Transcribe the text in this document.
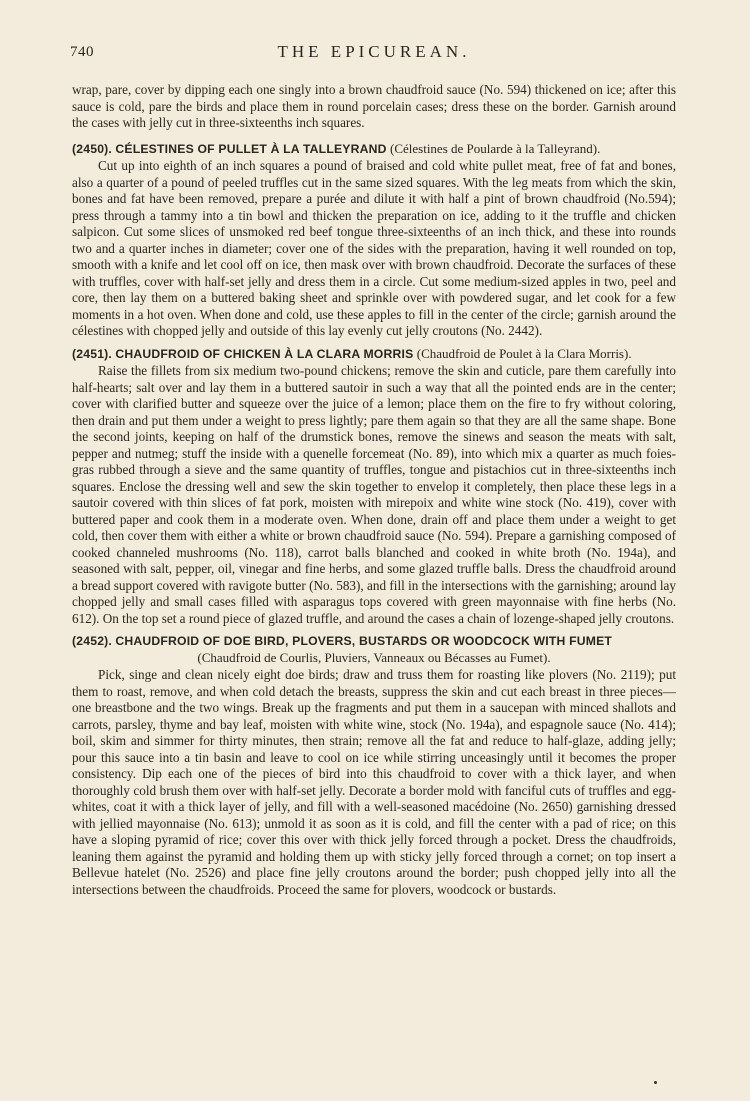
740	THE EPICUREAN.

wrap, pare, cover by dipping each one singly into a brown chaudfroid sauce (No. 594) thickened on ice; after this sauce is cold, pare the birds and place them in round porcelain cases; dress these on the border. Garnish around the cases with jelly cut in three-sixteenths inch squares.

(2450). CÉLESTINES OF PULLET À LA TALLEYRAND (Célestines de Poularde à la Talleyrand).

Cut up into eighth of an inch squares a pound of braised and cold white pullet meat, free of fat and bones, also a quarter of a pound of peeled truffles cut in the same sized squares. With the leg meats from which the skin, bones and fat have been removed, prepare a purée and dilute it with half a pint of brown chaudfroid (No.594); press through a tammy into a tin bowl and thicken the preparation on ice, adding to it the truffle and chicken salpicon. Cut some slices of unsmoked red beef tongue three-sixteenths of an inch thick, and these into rounds two and a quarter inches in diameter; cover one of the sides with the preparation, having it well rounded on top, smooth with a knife and let cool off on ice, then mask over with brown chaudfroid. Decorate the surfaces of these with truffles, cover with half-set jelly and dress them in a circle. Cut some medium-sized apples in two, peel and core, then lay them on a buttered baking sheet and sprinkle over with powdered sugar, and let cook for a few moments in a hot oven. When done and cold, use these apples to fill in the center of the circle; garnish around the célestines with chopped jelly and outside of this lay evenly cut jelly croutons (No. 2442).

(2451). CHAUDFROID OF CHICKEN À LA CLARA MORRIS (Chaudfroid de Poulet à la Clara Morris).

Raise the fillets from six medium two-pound chickens; remove the skin and cuticle, pare them carefully into half-hearts; salt over and lay them in a buttered sautoir in such a way that all the pointed ends are in the center; cover with clarified butter and squeeze over the juice of a lemon; place them on the fire to fry without coloring, then drain and put them under a weight to press lightly; pare them again so that they are all the same shape. Bone the second joints, keeping on half of the drumstick bones, remove the sinews and season the meats with salt, pepper and nutmeg; stuff the inside with a quenelle forcemeat (No. 89), into which mix a quarter as much foies-gras rubbed through a sieve and the same quantity of truffles, tongue and pistachios cut in three-sixteenths inch squares. Enclose the dressing well and sew the skin together to envelop it completely, then place these legs in a sautoir covered with thin slices of fat pork, moisten with mirepoix and white wine stock (No. 419), cover with buttered paper and cook them in a moderate oven. When done, drain off and place them under a weight to get cold, then cover them with either a white or brown chaudfroid sauce (No. 594). Prepare a garnishing composed of cooked channeled mushrooms (No. 118), carrot balls blanched and cooked in white broth (No. 194a), and seasoned with salt, pepper, oil, vinegar and fine herbs, and some glazed truffle balls. Dress the chaudfroid around a bread support covered with ravigote butter (No. 583), and fill in the intersections with the garnishing; around lay chopped jelly and small cases filled with asparagus tops covered with green mayonnaise with fine herbs (No. 612). On the top set a round piece of glazed truffle, and around the cases a chain of lozenge-shaped jelly croutons.

(2452). CHAUDFROID OF DOE BIRD, PLOVERS, BUSTARDS OR WOODCOCK WITH FUMET
(Chaudfroid de Courlis, Pluviers, Vanneaux ou Bécasses au Fumet).

Pick, singe and clean nicely eight doe birds; draw and truss them for roasting like plovers (No. 2119); put them to roast, remove, and when cold detach the breasts, suppress the skin and cut each breast in three pieces—one breastbone and the two wings. Break up the fragments and put them in a saucepan with minced shallots and carrots, parsley, thyme and bay leaf, moisten with white wine, stock (No. 194a), and espagnole sauce (No. 414); boil, skim and simmer for thirty minutes, then strain; remove all the fat and reduce to half-glaze, adding jelly; pour this sauce into a tin basin and leave to cool on ice while stirring unceasingly until it becomes the proper consistency. Dip each one of the pieces of bird into this chaudfroid to cover with a thick layer, and when thoroughly cold brush them over with half-set jelly. Decorate a border mold with fanciful cuts of truffles and egg-whites, coat it with a thick layer of jelly, and fill with a well-seasoned macédoine (No. 2650) garnishing dressed with jellied mayonnaise (No. 613); unmold it as soon as it is cold, and fill the center with a pad of rice; on this have a sloping pyramid of rice; cover this over with thick jelly forced through a pocket. Dress the chaudfroids, leaning them against the pyramid and holding them up with sticky jelly forced through a cornet; on top insert a Bellevue hatelet (No. 2526) and place fine jelly croutons around the border; push chopped jelly into all the intersections between the chaudfroids. Proceed the same for plovers, woodcock or bustards.
